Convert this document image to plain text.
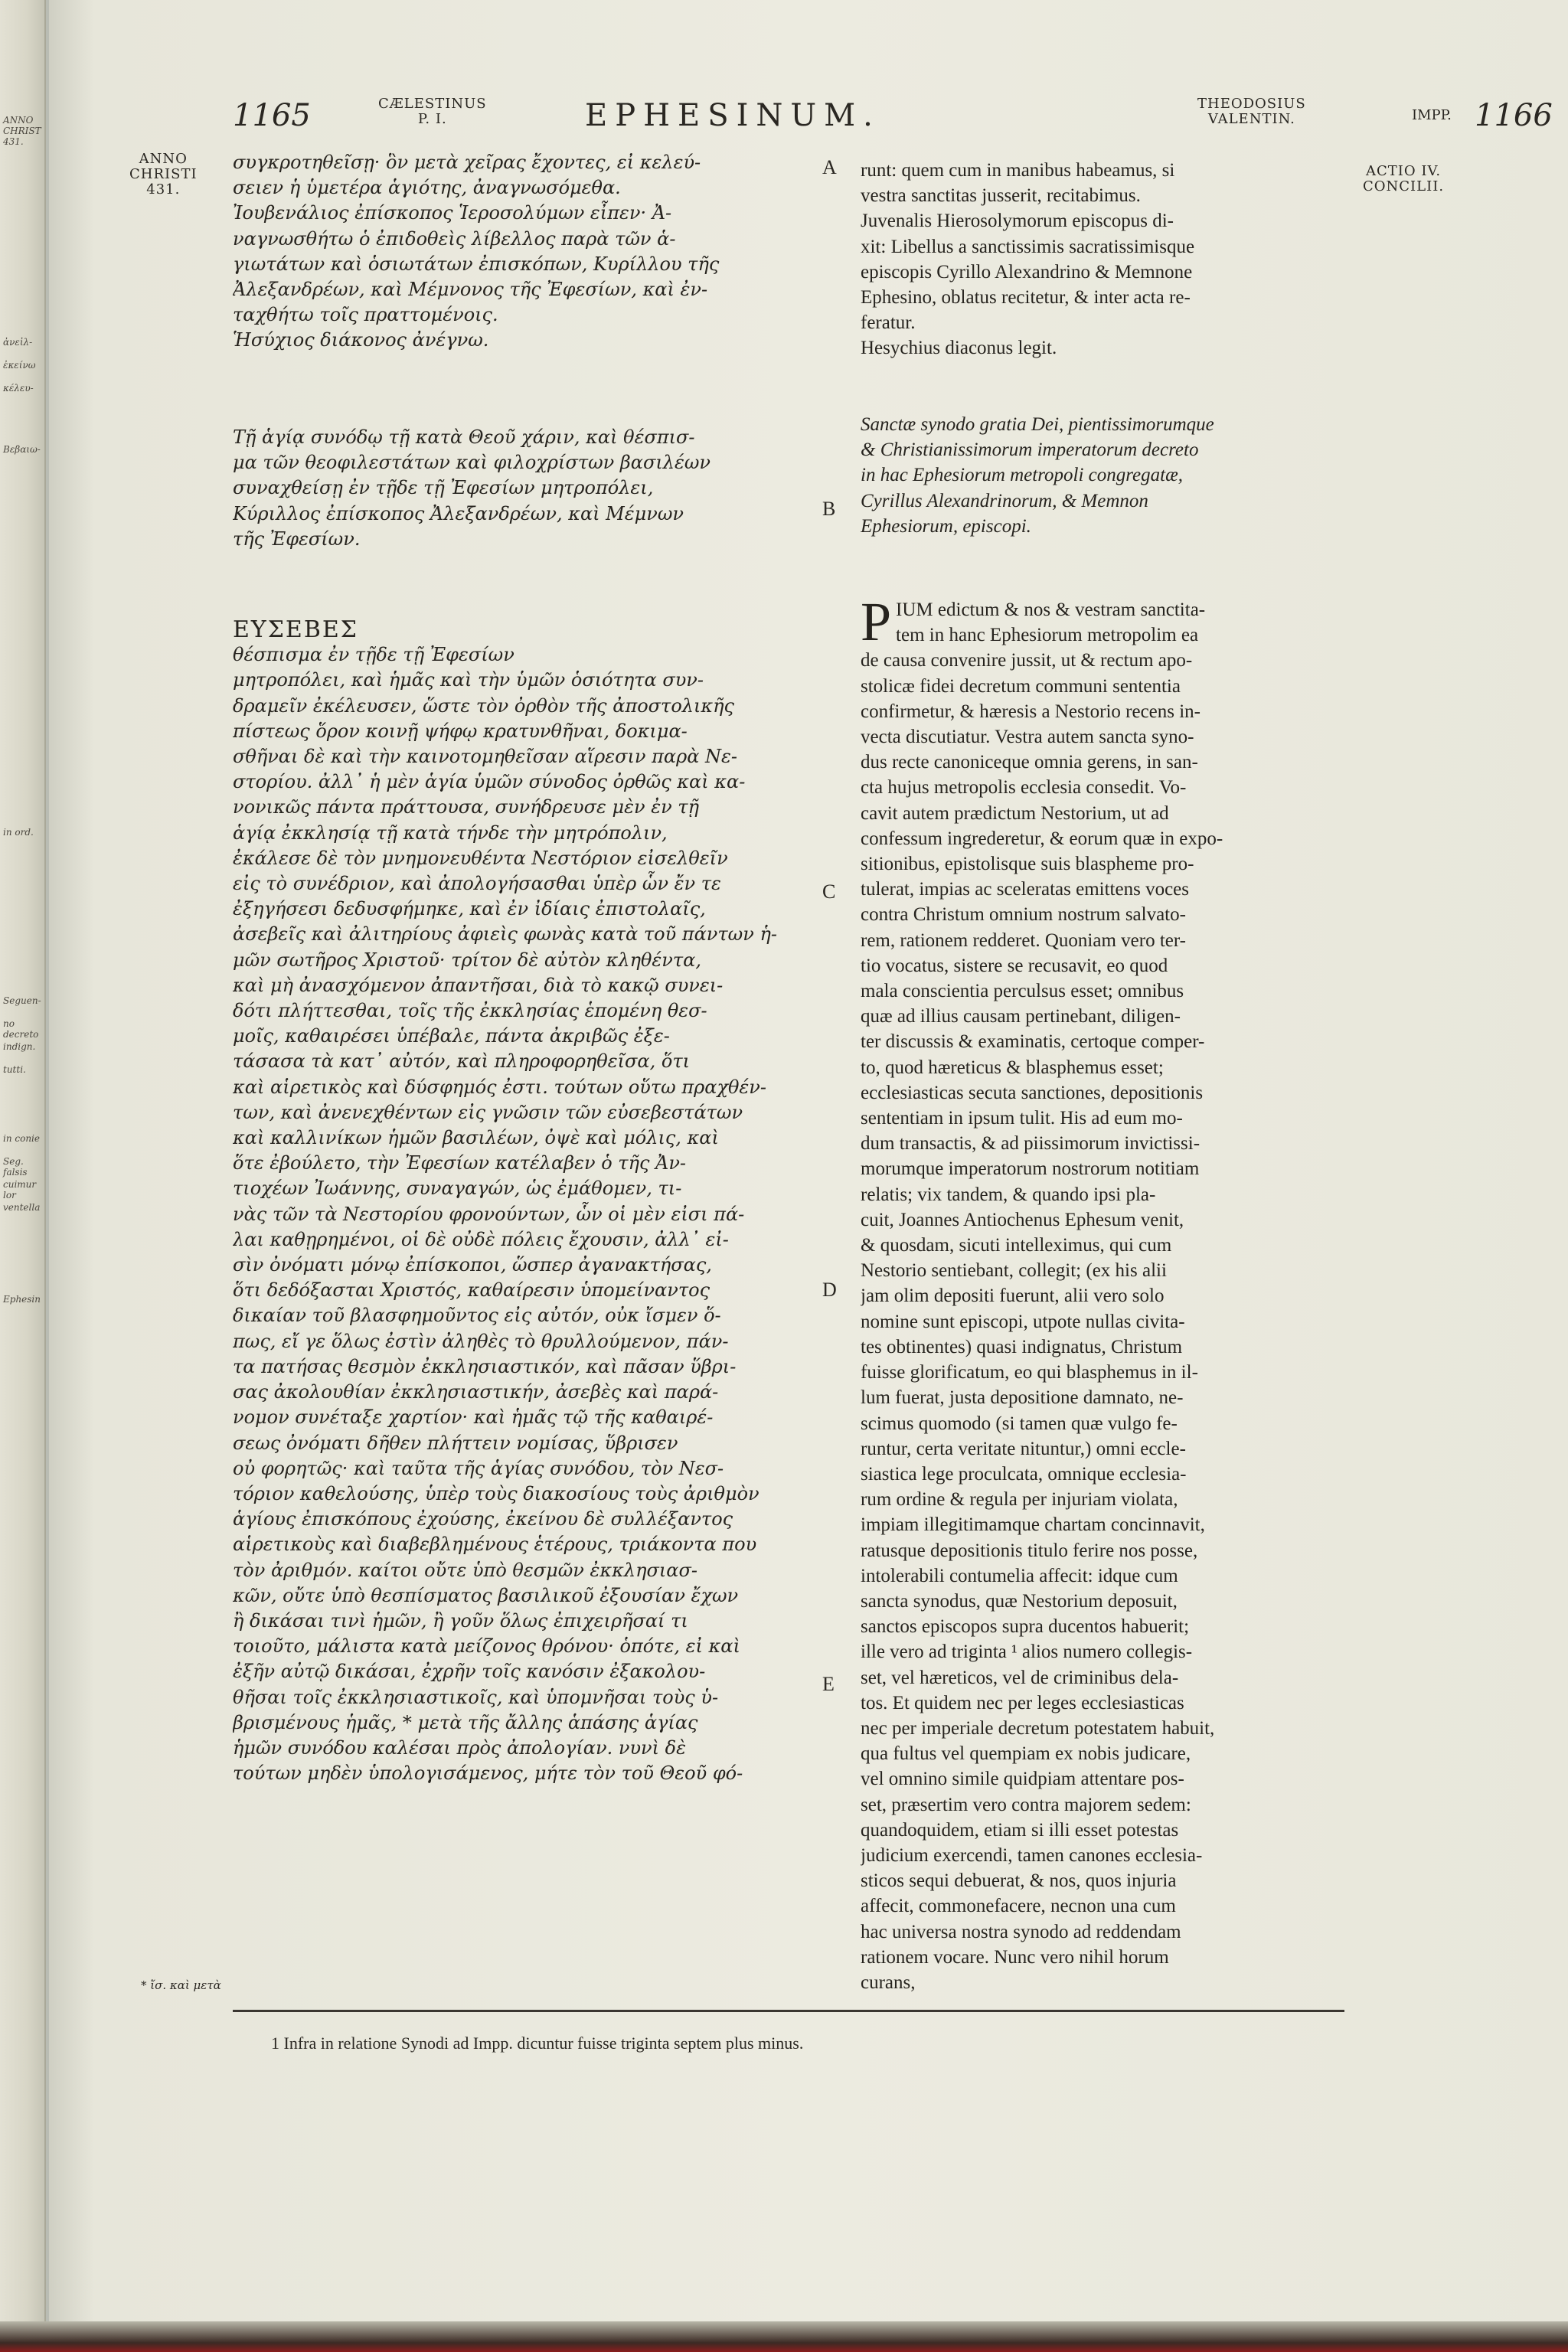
ANNO
CHRIST
431.
ἀνεἰλ-
ἐκείνω
κέλευ-
Βεβαιω-
in ord.
Seguen-
no decreto
indign.
tutti.
in conie
Seg. falsis
cuimur lor
ventella
Ephesin
1165	CÆLESTINUS
P. I.	EPHESINUM.	THEODOSIUS
VALENTIN.	IMPP. 1166
ANNO
CHRISTI
431.
ACTIO IV.
CONCILII.
A
B
C
D
E
συγκροτηθεῖσῃ· ὃν μετὰ χεῖρας ἔχοντες, εἰ κελεύ-
σειεν ἡ ὑμετέρα ἁγιότης, ἀναγνωσόμεθα.
Ἰουβενάλιος ἐπίσκοπος Ἱεροσολύμων εἶπεν· Ἀ-
ναγνωσθήτω ὁ ἐπιδοθεὶς λίβελλος παρὰ τῶν ἁ-
γιωτάτων καὶ ὁσιωτάτων ἐπισκόπων, Κυρίλλου τῆς
Ἀλεξανδρέων, καὶ Μέμνονος τῆς Ἐφεσίων, καὶ ἐν-
ταχθήτω τοῖς πραττομένοις.
Ἡσύχιος διάκονος ἀνέγνω.
Τῇ ἁγίᾳ συνόδῳ τῇ κατὰ Θεοῦ χάριν, καὶ θέσπισ-
μα τῶν θεοφιλεστάτων καὶ φιλοχρίστων βασιλέων
συναχθείσῃ ἐν τῇδε τῇ Ἐφεσίων μητροπόλει,
Κύριλλος ἐπίσκοπος Ἀλεξανδρέων, καὶ Μέμνων
τῆς Ἐφεσίων.
ΕΥΣΕΒΕΣ
θέσπισμα ἐν τῇδε τῇ Ἐφεσίων
μητροπόλει, καὶ ἡμᾶς καὶ τὴν ὑμῶν ὁσιότητα συν-
δραμεῖν ἐκέλευσεν, ὥστε τὸν ὀρθὸν τῆς ἀποστολικῆς
πίστεως ὅρον κοινῇ ψήφῳ κρατυνθῆναι, δοκιμα-
σθῆναι δὲ καὶ τὴν καινοτομηθεῖσαν αἵρεσιν παρὰ Νε-
στορίου. ἀλλ᾽ ἡ μὲν ἁγία ὑμῶν σύνοδος ὀρθῶς καὶ κα-
νονικῶς πάντα πράττουσα, συνήδρευσε μὲν ἐν τῇ
ἁγίᾳ ἐκκλησίᾳ τῇ κατὰ τήνδε τὴν μητρόπολιν,
ἐκάλεσε δὲ τὸν μνημονευθέντα Νεστόριον εἰσελθεῖν
εἰς τὸ συνέδριον, καὶ ἀπολογήσασθαι ὑπὲρ ὧν ἔν τε
ἐξηγήσεσι δεδυσφήμηκε, καὶ ἐν ἰδίαις ἐπιστολαῖς,
ἀσεβεῖς καὶ ἀλιτηρίους ἀφιεὶς φωνὰς κατὰ τοῦ πάντων ἡ-
μῶν σωτῆρος Χριστοῦ· τρίτον δὲ αὐτὸν κληθέντα,
καὶ μὴ ἀνασχόμενον ἀπαντῆσαι, διὰ τὸ κακῷ συνει-
δότι πλήττεσθαι, τοῖς τῆς ἐκκλησίας ἑπομένη θεσ-
μοῖς, καθαιρέσει ὑπέβαλε, πάντα ἀκριβῶς ἐξε-
τάσασα τὰ κατ᾽ αὐτόν, καὶ πληροφορηθεῖσα, ὅτι
καὶ αἱρετικὸς καὶ δύσφημός ἐστι. τούτων οὕτω πραχθέν-
των, καὶ ἀνενεχθέντων εἰς γνῶσιν τῶν εὐσεβεστάτων
καὶ καλλινίκων ἡμῶν βασιλέων, ὀψὲ καὶ μόλις, καὶ
ὅτε ἐβούλετο, τὴν Ἐφεσίων κατέλαβεν ὁ τῆς Ἀν-
τιοχέων Ἰωάννης, συναγαγών, ὡς ἐμάθομεν, τι-
νὰς τῶν τὰ Νεστορίου φρονούντων, ὧν οἱ μὲν εἰσι πά-
λαι καθῃρημένοι, οἱ δὲ οὐδὲ πόλεις ἔχουσιν, ἀλλ᾽ εἰ-
σὶν ὀνόματι μόνῳ ἐπίσκοποι, ὥσπερ ἀγανακτήσας,
ὅτι δεδόξασται Χριστός, καθαίρεσιν ὑπομείναντος
δικαίαν τοῦ βλασφημοῦντος εἰς αὐτόν, οὐκ ἴσμεν ὅ-
πως, εἴ γε ὅλως ἐστὶν ἀληθὲς τὸ θρυλλούμενον, πάν-
τα πατήσας θεσμὸν ἐκκλησιαστικόν, καὶ πᾶσαν ὕβρι-
σας ἀκολουθίαν ἐκκλησιαστικήν, ἀσεβὲς καὶ παρά-
νομον συνέταξε χαρτίον· καὶ ἡμᾶς τῷ τῆς καθαιρέ-
σεως ὀνόματι δῆθεν πλήττειν νομίσας, ὕβρισεν
οὐ φορητῶς· καὶ ταῦτα τῆς ἁγίας συνόδου, τὸν Νεσ-
τόριον καθελούσης, ὑπὲρ τοὺς διακοσίους τοὺς ἀριθμὸν
ἁγίους ἐπισκόπους ἐχούσης, ἐκείνου δὲ συλλέξαντος
αἱρετικοὺς καὶ διαβεβλημένους ἑτέρους, τριάκοντα που
τὸν ἀριθμόν. καίτοι οὔτε ὑπὸ θεσμῶν ἐκκλησιασ-
κῶν, οὔτε ὑπὸ θεσπίσματος βασιλικοῦ ἐξουσίαν ἔχων
ἢ δικάσαι τινὶ ἡμῶν, ἢ γοῦν ὅλως ἐπιχειρῆσαί τι
τοιοῦτο, μάλιστα κατὰ μείζονος θρόνου· ὁπότε, εἰ καὶ
ἐξῆν αὐτῷ δικάσαι, ἐχρῆν τοῖς κανόσιν ἐξακολου-
θῆσαι τοῖς ἐκκλησιαστικοῖς, καὶ ὑπομνῆσαι τοὺς ὑ-
βρισμένους ἡμᾶς, * μετὰ τῆς ἄλλης ἁπάσης ἁγίας
ἡμῶν συνόδου καλέσαι πρὸς ἀπολογίαν. νυνὶ δὲ
τούτων μηδὲν ὑπολογισάμενος, μήτε τὸν τοῦ Θεοῦ φό-
* ἴσ. καὶ μετὰ
runt: quem cum in manibus habeamus, si
vestra sanctitas jusserit, recitabimus.
Juvenalis Hierosolymorum episcopus di-
xit: Libellus a sanctissimis sacratissimisque
episcopis Cyrillo Alexandrino & Memnone
Ephesino, oblatus recitetur, & inter acta re-
feratur.
Hesychius diaconus legit.
Sanctæ synodo gratia Dei, pientissimorumque
& Christianissimorum imperatorum decreto
in hac Ephesiorum metropoli congregatæ,
Cyrillus Alexandrinorum, & Memnon
Ephesiorum, episcopi.
P IUM edictum & nos & vestram sanctita-
tem in hanc Ephesiorum metropolim ea
de causa convenire jussit, ut & rectum apo-
stolicæ fidei decretum communi sententia
confirmetur, & hæresis a Nestorio recens in-
vecta discutiatur. Vestra autem sancta syno-
dus recte canoniceque omnia gerens, in san-
cta hujus metropolis ecclesia consedit. Vo-
cavit autem prædictum Nestorium, ut ad
confessum ingrederetur, & eorum quæ in expo-
sitionibus, epistolisque suis blaspheme pro-
tulerat, impias ac sceleratas emittens voces
contra Christum omnium nostrum salvato-
rem, rationem redderet. Quoniam vero ter-
tio vocatus, sistere se recusavit, eo quod
mala conscientia perculsus esset; omnibus
quæ ad illius causam pertinebant, diligen-
ter discussis & examinatis, certoque comper-
to, quod hæreticus & blasphemus esset;
ecclesiasticas secuta sanctiones, depositionis
sententiam in ipsum tulit. His ad eum mo-
dum transactis, & ad piissimorum invictissi-
morumque imperatorum nostrorum notitiam
relatis; vix tandem, & quando ipsi pla-
cuit, Joannes Antiochenus Ephesum venit,
& quosdam, sicuti intelleximus, qui cum
Nestorio sentiebant, collegit; (ex his alii
jam olim depositi fuerunt, alii vero solo
nomine sunt episcopi, utpote nullas civita-
tes obtinentes) quasi indignatus, Christum
fuisse glorificatum, eo qui blasphemus in il-
lum fuerat, justa depositione damnato, ne-
scimus quomodo (si tamen quæ vulgo fe-
runtur, certa veritate nituntur,) omni eccle-
siastica lege proculcata, omnique ecclesia-
rum ordine & regula per injuriam violata,
impiam illegitimamque chartam concinnavit,
ratusque depositionis titulo ferire nos posse,
intolerabili contumelia affecit: idque cum
sancta synodus, quæ Nestorium deposuit,
sanctos episcopos supra ducentos habuerit;
ille vero ad triginta ¹ alios numero collegis-
set, vel hæreticos, vel de criminibus dela-
tos. Et quidem nec per leges ecclesiasticas
nec per imperiale decretum potestatem habuit,
qua fultus vel quempiam ex nobis judicare,
vel omnino simile quidpiam attentare pos-
set, præsertim vero contra majorem sedem:
quandoquidem, etiam si illi esset potestas
judicium exercendi, tamen canones ecclesia-
sticos sequi debuerat, & nos, quos injuria
affecit, commonefacere, necnon una cum
hac universa nostra synodo ad reddendam
rationem vocare. Nunc vero nihil horum
curans,
1 Infra in relatione Synodi ad Impp. dicuntur fuisse triginta septem plus minus.
